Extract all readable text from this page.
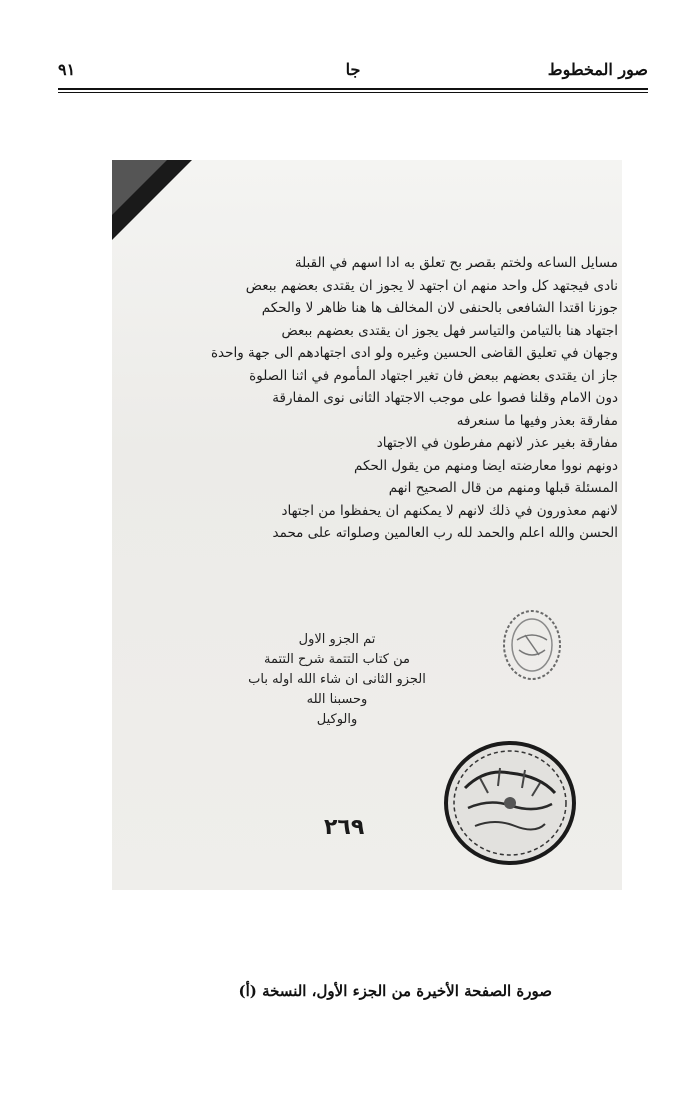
صور المخطوط
جا
٩١
مسايل الساعه ولختم بقصر بح تعلق به ادا اسهم في القبلة
نادى فيجتهد كل واحد منهم ان اجتهد لا يجوز ان يقتدى بعضهم ببعض
جوزنا اقتدا الشافعى بالحنفى لان المخالف ها هنا ظاهر لا والحكم
اجتهاد هنا بالتيامن والتياسر فهل يجوز ان يقتدى بعضهم ببعض
وجهان في تعليق القاضى الحسين وغيره ولو ادى اجتهادهم الى جهة واحدة
جاز ان يقتدى بعضهم ببعض فان تغير اجتهاد المأموم في اثنا الصلوة
دون الامام وقلنا فصوا على موجب الاجتهاد الثانى نوى المفارقة
مفارقة بعذر وفيها ما سنعرفه
مفارقة بغير عذر لانهم مفرطون في الاجتهاد
دونهم نووا معارضته ايضا ومنهم من يقول الحكم
المسئلة قبلها ومنهم من قال الصحيح انهم
لانهم معذورون في ذلك لانهم لا يمكنهم ان يحفظوا من اجتهاد
الحسن والله اعلم والحمد لله رب العالمين وصلواته على محمد
تم الجزو الاول
من كتاب التتمة شرح التتمة
الجزو الثانى ان شاء الله اوله باب
وحسبنا الله
والوكيل
٢٦٩
صورة الصفحة الأخيرة من الجزء الأول، النسخة (أ)
